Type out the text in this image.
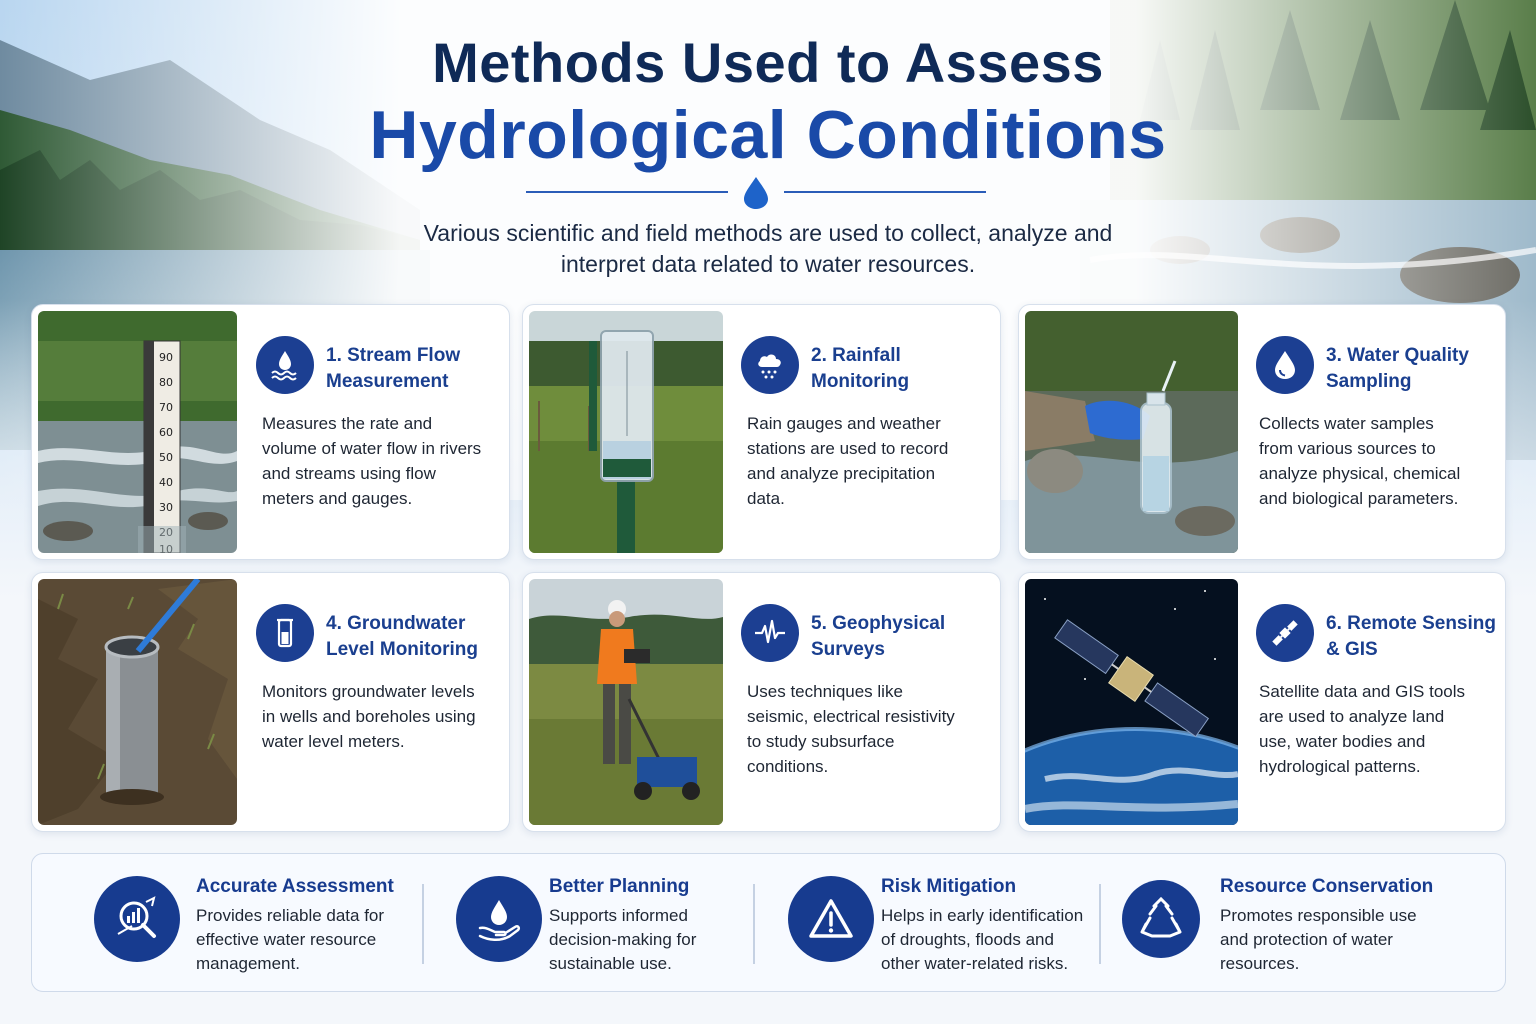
Methods Used to Assess
Hydrological Conditions
Various scientific and field methods are used to collect, analyze and interpret data related to water resources.
90
80
70
60
50
40
30
1. Stream Flow Measurement
Measures the rate and volume of water flow in rivers and streams using flow meters and gauges.
2. Rainfall Monitoring
Rain gauges and weather stations are used to record and analyze precipitation data.
3. Water Quality Sampling
Collects water samples from various sources to analyze physical, chemical and biological parameters.
4. Groundwater Level Monitoring
Monitors groundwater levels in wells and boreholes using water level meters.
5. Geophysical Surveys
Uses techniques like seismic, electrical resistivity to study subsurface conditions.
6. Remote Sensing & GIS
Satellite data and GIS tools are used to analyze land use, water bodies and hydrological patterns.
Accurate Assessment
Provides reliable data for effective water resource management.
Better Planning
Supports informed decision-making for sustainable use.
Risk Mitigation
Helps in early identification of droughts, floods and other water-related risks.
Resource Conservation
Promotes responsible use and protection of water resources.
